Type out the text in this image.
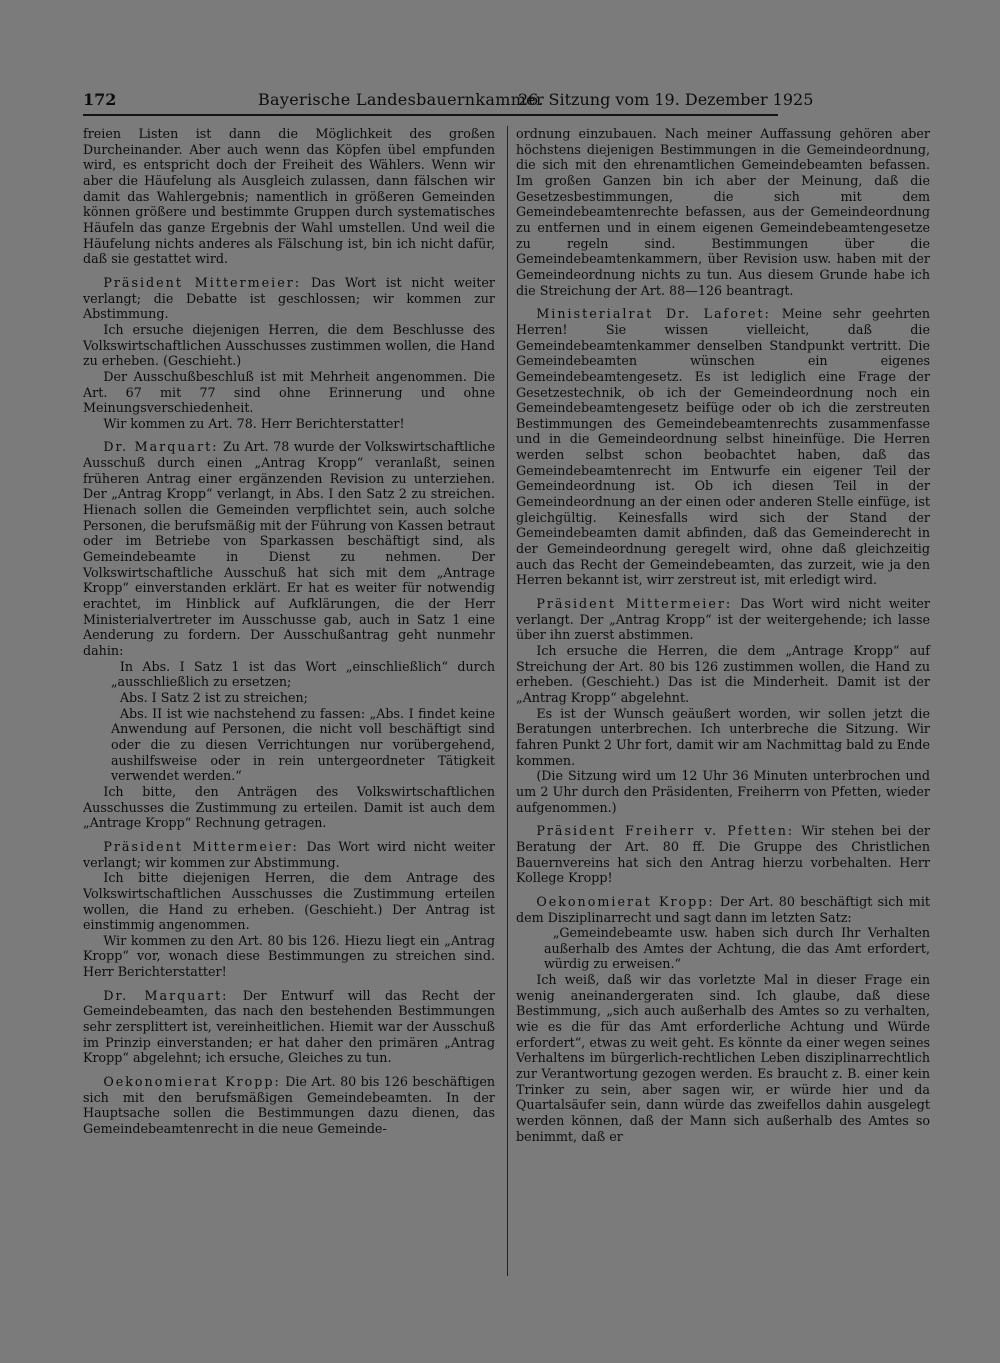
172	Bayerische Landesbauernkammer
26. Sitzung vom 19. Dezember 1925

freien Listen ist dann die Möglichkeit des großen Durcheinander. Aber auch wenn das Köpfen übel empfunden wird, es entspricht doch der Freiheit des Wählers. Wenn wir aber die Häufelung als Ausgleich zulassen, dann fälschen wir damit das Wahlergebnis; namentlich in größeren Gemeinden können größere und bestimmte Gruppen durch systematisches Häufeln das ganze Ergebnis der Wahl umstellen. Und weil die Häufelung nichts anderes als Fälschung ist, bin ich nicht dafür, daß sie gestattet wird.

Präsident Mittermeier: Das Wort ist nicht weiter verlangt; die Debatte ist geschlossen; wir kommen zur Abstimmung.

Ich ersuche diejenigen Herren, die dem Beschlusse des Volkswirtschaftlichen Ausschusses zustimmen wollen, die Hand zu erheben. (Geschieht.)

Der Ausschußbeschluß ist mit Mehrheit angenommen. Die Art. 67 mit 77 sind ohne Erinnerung und ohne Meinungsverschiedenheit.

Wir kommen zu Art. 78. Herr Berichterstatter!

Dr. Marquart: Zu Art. 78 wurde der Volkswirtschaftliche Ausschuß durch einen „Antrag Kropp“ veranlaßt, seinen früheren Antrag einer ergänzenden Revision zu unterziehen. Der „Antrag Kropp“ verlangt, in Abs. I den Satz 2 zu streichen. Hienach sollen die Gemeinden verpflichtet sein, auch solche Personen, die berufsmäßig mit der Führung von Kassen betraut oder im Betriebe von Sparkassen beschäftigt sind, als Gemeindebeamte in Dienst zu nehmen. Der Volkswirtschaftliche Ausschuß hat sich mit dem „Antrage Kropp“ einverstanden erklärt. Er hat es weiter für notwendig erachtet, im Hinblick auf Aufklärungen, die der Herr Ministerialvertreter im Ausschusse gab, auch in Satz 1 eine Aenderung zu fordern. Der Ausschußantrag geht nunmehr dahin:

In Abs. I Satz 1 ist das Wort „einschließlich“ durch „ausschließlich zu ersetzen;

Abs. I Satz 2 ist zu streichen;

Abs. II ist wie nachstehend zu fassen: „Abs. I findet keine Anwendung auf Personen, die nicht voll beschäftigt sind oder die zu diesen Verrichtungen nur vorübergehend, aushilfsweise oder in rein untergeordneter Tätigkeit verwendet werden.“

Ich bitte, den Anträgen des Volkswirtschaftlichen Ausschusses die Zustimmung zu erteilen. Damit ist auch dem „Antrage Kropp“ Rechnung getragen.

Präsident Mittermeier: Das Wort wird nicht weiter verlangt; wir kommen zur Abstimmung.

Ich bitte diejenigen Herren, die dem Antrage des Volkswirtschaftlichen Ausschusses die Zustimmung erteilen wollen, die Hand zu erheben. (Geschieht.) Der Antrag ist einstimmig angenommen.

Wir kommen zu den Art. 80 bis 126. Hiezu liegt ein „Antrag Kropp“ vor, wonach diese Bestimmungen zu streichen sind. Herr Berichterstatter!

Dr. Marquart: Der Entwurf will das Recht der Gemeindebeamten, das nach den bestehenden Bestimmungen sehr zersplittert ist, vereinheitlichen. Hiemit war der Ausschuß im Prinzip einverstanden; er hat daher den primären „Antrag Kropp“ abgelehnt; ich ersuche, Gleiches zu tun.

Oekonomierat Kropp: Die Art. 80 bis 126 beschäftigen sich mit den berufsmäßigen Gemeindebeamten. In der Hauptsache sollen die Bestimmungen dazu dienen, das Gemeindebeamtenrecht in die neue Gemeinde-

ordnung einzubauen. Nach meiner Auffassung gehören aber höchstens diejenigen Bestimmungen in die Gemeindeordnung, die sich mit den ehrenamtlichen Gemeindebeamten befassen. Im großen Ganzen bin ich aber der Meinung, daß die Gesetzesbestimmungen, die sich mit dem Gemeindebeamtenrechte befassen, aus der Gemeindeordnung zu entfernen und in einem eigenen Gemeindebeamtengesetze zu regeln sind. Bestimmungen über die Gemeindebeamtenkammern, über Revision usw. haben mit der Gemeindeordnung nichts zu tun. Aus diesem Grunde habe ich die Streichung der Art. 88—126 beantragt.

Ministerialrat Dr. Laforet: Meine sehr geehrten Herren! Sie wissen vielleicht, daß die Gemeindebeamtenkammer denselben Standpunkt vertritt. Die Gemeindebeamten wünschen ein eigenes Gemeindebeamtengesetz. Es ist lediglich eine Frage der Gesetzestechnik, ob ich der Gemeindeordnung noch ein Gemeindebeamtengesetz beifüge oder ob ich die zerstreuten Bestimmungen des Gemeindebeamtenrechts zusammenfasse und in die Gemeindeordnung selbst hineinfüge. Die Herren werden selbst schon beobachtet haben, daß das Gemeindebeamtenrecht im Entwurfe ein eigener Teil der Gemeindeordnung ist. Ob ich diesen Teil in der Gemeindeordnung an der einen oder anderen Stelle einfüge, ist gleichgültig. Keinesfalls wird sich der Stand der Gemeindebeamten damit abfinden, daß das Gemeinderecht in der Gemeindeordnung geregelt wird, ohne daß gleichzeitig auch das Recht der Gemeindebeamten, das zurzeit, wie ja den Herren bekannt ist, wirr zerstreut ist, mit erledigt wird.

Präsident Mittermeier: Das Wort wird nicht weiter verlangt. Der „Antrag Kropp“ ist der weitergehende; ich lasse über ihn zuerst abstimmen.

Ich ersuche die Herren, die dem „Antrage Kropp“ auf Streichung der Art. 80 bis 126 zustimmen wollen, die Hand zu erheben. (Geschieht.) Das ist die Minderheit. Damit ist der „Antrag Kropp“ abgelehnt.

Es ist der Wunsch geäußert worden, wir sollen jetzt die Beratungen unterbrechen. Ich unterbreche die Sitzung. Wir fahren Punkt 2 Uhr fort, damit wir am Nachmittag bald zu Ende kommen.

(Die Sitzung wird um 12 Uhr 36 Minuten unterbrochen und um 2 Uhr durch den Präsidenten, Freiherrn von Pfetten, wieder aufgenommen.)

Präsident Freiherr v. Pfetten: Wir stehen bei der Beratung der Art. 80 ff. Die Gruppe des Christlichen Bauernvereins hat sich den Antrag hierzu vorbehalten. Herr Kollege Kropp!

Oekonomierat Kropp: Der Art. 80 beschäftigt sich mit dem Disziplinarrecht und sagt dann im letzten Satz:

„Gemeindebeamte usw. haben sich durch Ihr Verhalten außerhalb des Amtes der Achtung, die das Amt erfordert, würdig zu erweisen.“

Ich weiß, daß wir das vorletzte Mal in dieser Frage ein wenig aneinandergeraten sind. Ich glaube, daß diese Bestimmung, „sich auch außerhalb des Amtes so zu verhalten, wie es die für das Amt erforderliche Achtung und Würde erfordert“, etwas zu weit geht. Es könnte da einer wegen seines Verhaltens im bürgerlich-rechtlichen Leben disziplinarrechtlich zur Verantwortung gezogen werden. Es braucht z. B. einer kein Trinker zu sein, aber sagen wir, er würde hier und da Quartalsäufer sein, dann würde das zweifellos dahin ausgelegt werden können, daß der Mann sich außerhalb des Amtes so benimmt, daß er
